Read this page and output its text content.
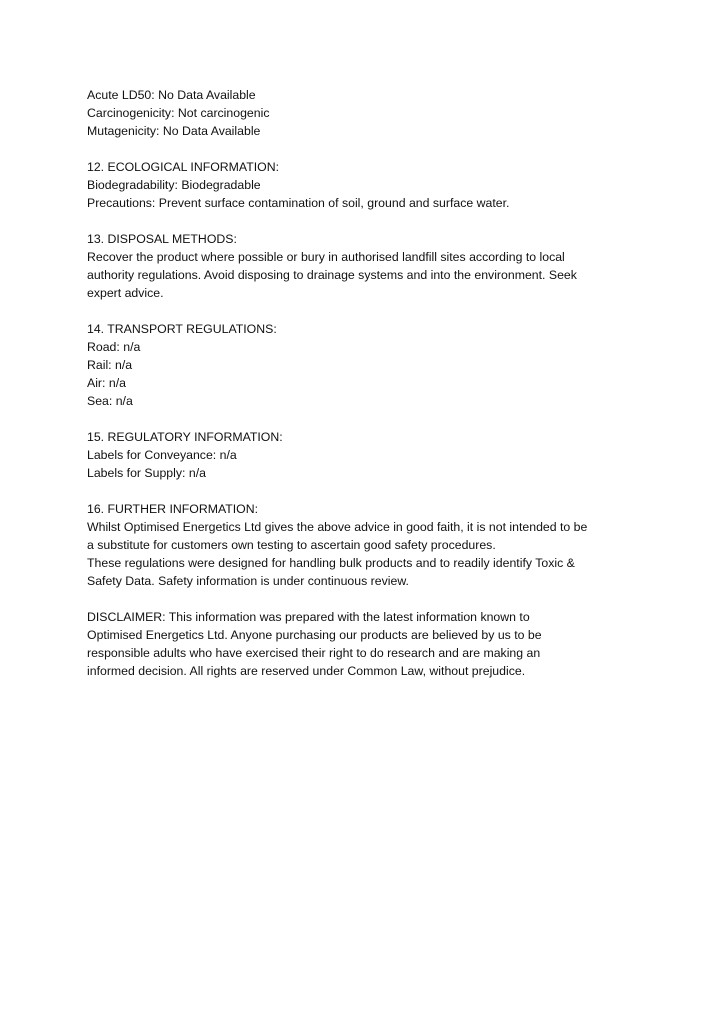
Acute LD50: No Data Available
Carcinogenicity: Not carcinogenic
Mutagenicity: No Data Available
12. ECOLOGICAL INFORMATION:
Biodegradability: Biodegradable
Precautions: Prevent surface contamination of soil, ground and surface water.
13. DISPOSAL METHODS:
Recover the product where possible or bury in authorised landfill sites according to local
authority regulations. Avoid disposing to drainage systems and into the environment. Seek
expert advice.
14. TRANSPORT REGULATIONS:
Road: n/a
Rail: n/a
Air: n/a
Sea: n/a
15. REGULATORY INFORMATION:
Labels for Conveyance: n/a
Labels for Supply: n/a
16. FURTHER INFORMATION:
Whilst Optimised Energetics Ltd gives the above advice in good faith, it is not intended to be
a substitute for customers own testing to ascertain good safety procedures.
These regulations were designed for handling bulk products and to readily identify Toxic &
Safety Data. Safety information is under continuous review.
DISCLAIMER: This information was prepared with the latest information known to
Optimised Energetics Ltd. Anyone purchasing our products are believed by us to be
responsible adults who have exercised their right to do research and are making an
informed decision. All rights are reserved under Common Law, without prejudice.
